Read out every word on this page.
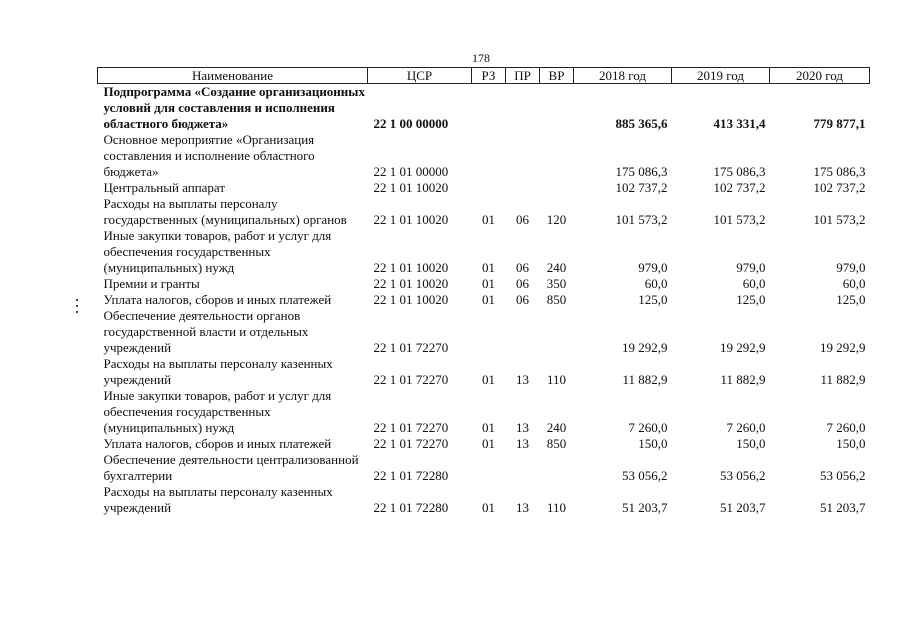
178
Наименование	ЦСР	РЗ	ПР	ВР	2018 год	2019 год	2020 год
Подпрограмма «Создание организационных условий для составления и исполнения областного бюджета»	22 1 00 00000				885 365,6	413 331,4	779 877,1
Основное мероприятие «Организация составления и исполнение областного бюджета»	22 1 01 00000				175 086,3	175 086,3	175 086,3
Центральный аппарат	22 1 01 10020				102 737,2	102 737,2	102 737,2
Расходы на выплаты персоналу государственных (муниципальных) органов	22 1 01 10020	01	06	120	101 573,2	101 573,2	101 573,2
Иные закупки товаров, работ и услуг для обеспечения государственных (муниципальных) нужд	22 1 01 10020	01	06	240	979,0	979,0	979,0
Премии и гранты	22 1 01 10020	01	06	350	60,0	60,0	60,0
Уплата налогов, сборов и иных платежей	22 1 01 10020	01	06	850	125,0	125,0	125,0
Обеспечение деятельности органов государственной власти и отдельных учреждений	22 1 01 72270				19 292,9	19 292,9	19 292,9
Расходы на выплаты персоналу казенных учреждений	22 1 01 72270	01	13	110	11 882,9	11 882,9	11 882,9
Иные закупки товаров, работ и услуг для обеспечения государственных (муниципальных) нужд	22 1 01 72270	01	13	240	7 260,0	7 260,0	7 260,0
Уплата налогов, сборов и иных платежей	22 1 01 72270	01	13	850	150,0	150,0	150,0
Обеспечение деятельности централизованной бухгалтерии	22 1 01 72280				53 056,2	53 056,2	53 056,2
Расходы на выплаты персоналу казенных учреждений	22 1 01 72280	01	13	110	51 203,7	51 203,7	51 203,7
